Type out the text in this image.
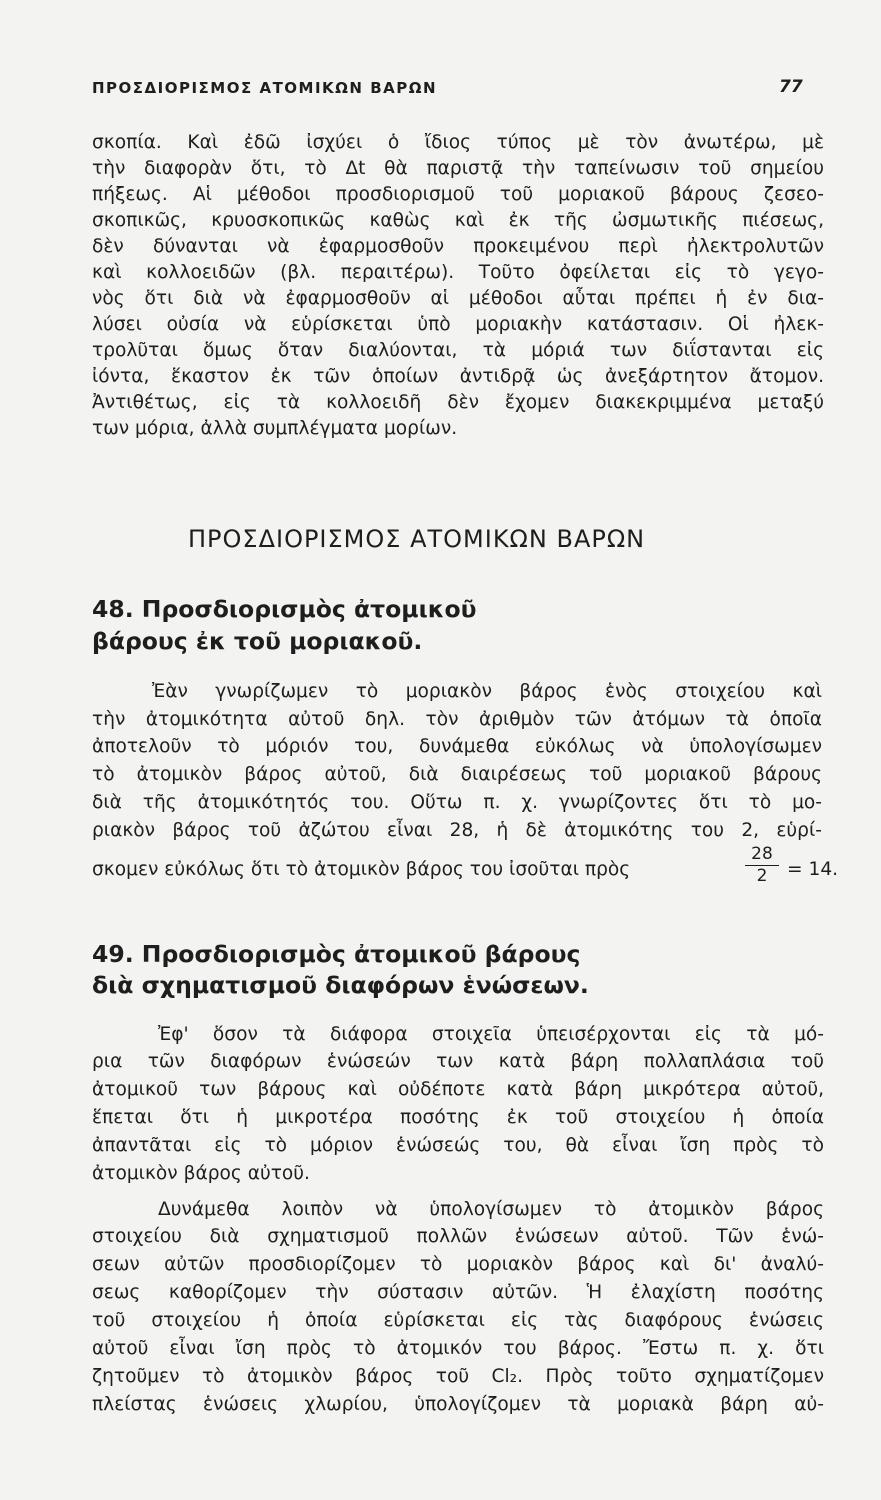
ΠΡΟΣΔΙΟΡΙΣΜΟΣ ΑΤΟΜΙΚΩΝ ΒΑΡΩΝ	77
σκοπία. Καὶ ἐδῶ ἰσχύει ὁ ἴδιος τύπος μὲ τὸν ἀνωτέρω, μὲ
τὴν διαφορὰν ὅτι, τὸ Δt θὰ παριστᾷ τὴν ταπείνωσιν τοῦ σημείου
πήξεως. Αἱ μέθοδοι προσδιορισμοῦ τοῦ μοριακοῦ βάρους ζεσεο-
σκοπικῶς, κρυοσκοπικῶς καθὼς καὶ ἐκ τῆς ὠσμωτικῆς πιέσεως,
δὲν δύνανται νὰ ἐφαρμοσθοῦν προκειμένου περὶ ἠλεκτρολυτῶν
καὶ κολλοειδῶν (βλ. περαιτέρω). Τοῦτο ὀφείλεται εἰς τὸ γεγο-
νὸς ὅτι διὰ νὰ ἐφαρμοσθοῦν αἱ μέθοδοι αὗται πρέπει ἡ ἐν δια-
λύσει οὐσία νὰ εὑρίσκεται ὑπὸ μοριακὴν κατάστασιν. Οἱ ἠλεκ-
τρολῦται ὅμως ὅταν διαλύονται, τὰ μόριά των διΐστανται εἰς
ἰόντα, ἕκαστον ἐκ τῶν ὁποίων ἀντιδρᾷ ὡς ἀνεξάρτητον ἄτομον.
Ἀντιθέτως, εἰς τὰ κολλοειδῆ δὲν ἔχομεν διακεκριμμένα μεταξύ
των μόρια, ἀλλὰ συμπλέγματα μορίων.
ΠΡΟΣΔΙΟΡΙΣΜΟΣ ΑΤΟΜΙΚΩΝ ΒΑΡΩΝ
48. Προσδιορισμὸς ἀτομικοῦ
βάρους ἐκ τοῦ μοριακοῦ.
Ἐὰν γνωρίζωμεν τὸ μοριακὸν βάρος ἑνὸς στοιχείου καὶ
τὴν ἀτομικότητα αὐτοῦ δηλ. τὸν ἀριθμὸν τῶν ἀτόμων τὰ ὁποῖα
ἀποτελοῦν τὸ μόριόν του, δυνάμεθα εὐκόλως νὰ ὑπολογίσωμεν
τὸ ἀτομικὸν βάρος αὐτοῦ, διὰ διαιρέσεως τοῦ μοριακοῦ βάρους
διὰ τῆς ἀτομικότητός του. Οὕτω π. χ. γνωρίζοντες ὅτι τὸ μο-
ριακὸν βάρος τοῦ ἀζώτου εἶναι 28, ἡ δὲ ἀτομικότης του 2, εὑρί-
σκομεν εὐκόλως ὅτι τὸ ἀτομικὸν βάρος του ἰσοῦται πρὸς	$\frac{28}{2} = 14$.
49. Προσδιορισμὸς ἀτομικοῦ βάρους
διὰ σχηματισμοῦ διαφόρων ἑνώσεων.
Ἐφ' ὅσον τὰ διάφορα στοιχεῖα ὑπεισέρχονται εἰς τὰ μό-
ρια τῶν διαφόρων ἑνώσεών των κατὰ βάρη πολλαπλάσια τοῦ
ἀτομικοῦ των βάρους καὶ οὐδέποτε κατὰ βάρη μικρότερα αὐτοῦ,
ἕπεται ὅτι ἡ μικροτέρα ποσότης ἐκ τοῦ στοιχείου ἡ ὁποία
ἀπαντᾶται εἰς τὸ μόριον ἑνώσεώς του, θὰ εἶναι ἴση πρὸς τὸ
ἀτομικὸν βάρος αὐτοῦ.
Δυνάμεθα λοιπὸν νὰ ὑπολογίσωμεν τὸ ἀτομικὸν βάρος
στοιχείου διὰ σχηματισμοῦ πολλῶν ἑνώσεων αὐτοῦ. Τῶν ἑνώ-
σεων αὐτῶν προσδιορίζομεν τὸ μοριακὸν βάρος καὶ δι' ἀναλύ-
σεως καθορίζομεν τὴν σύστασιν αὐτῶν. Ἡ ἐλαχίστη ποσότης
τοῦ στοιχείου ἡ ὁποία εὑρίσκεται εἰς τὰς διαφόρους ἑνώσεις
αὐτοῦ εἶναι ἴση πρὸς τὸ ἀτομικόν του βάρος. Ἔστω π. χ. ὅτι
ζητοῦμεν τὸ ἀτομικὸν βάρος τοῦ Cl₂. Πρὸς τοῦτο σχηματίζομεν
πλείστας ἑνώσεις χλωρίου, ὑπολογίζομεν τὰ μοριακὰ βάρη αὐ-
